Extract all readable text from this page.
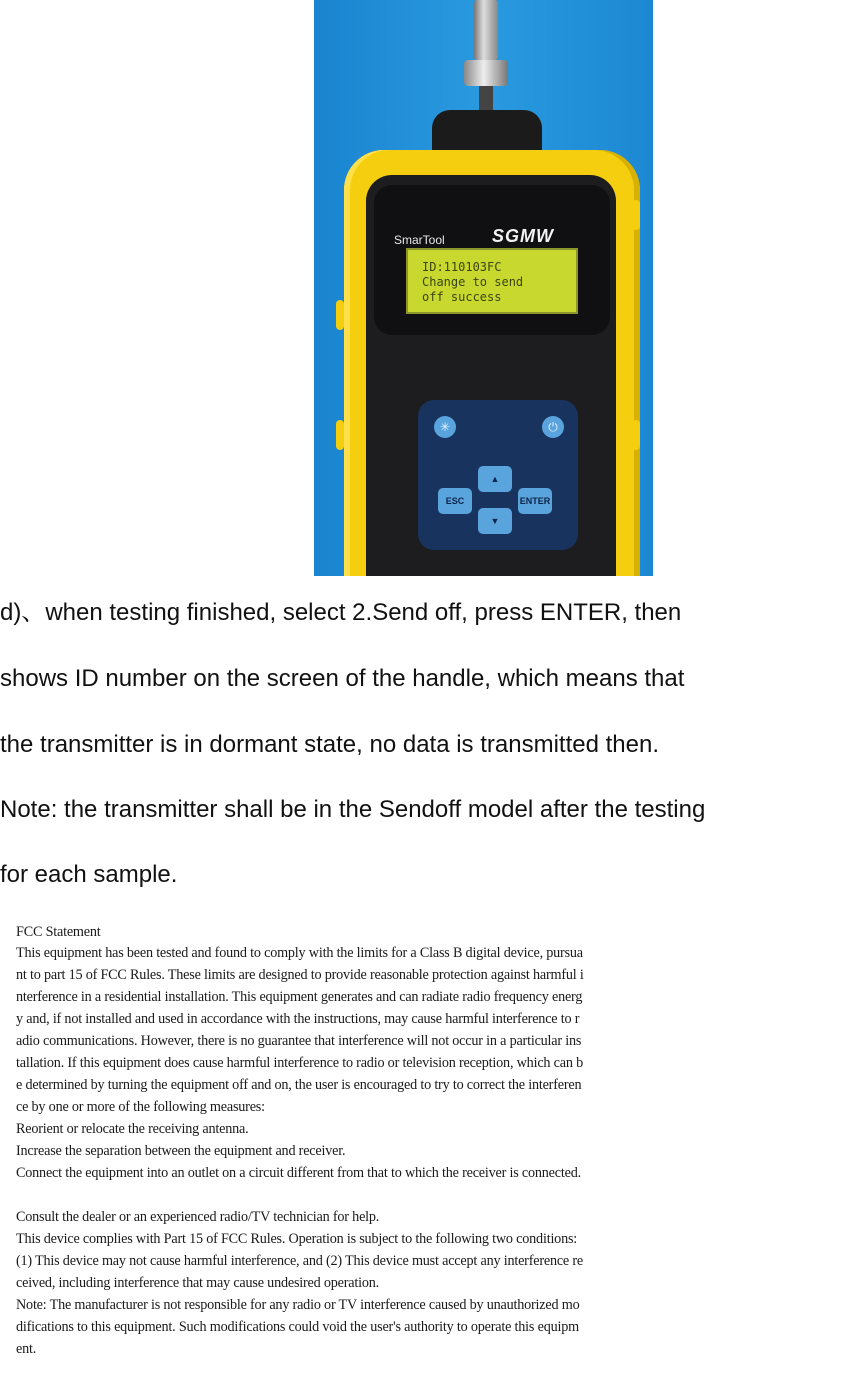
SmarTool	SGMW
ID:110103FC
Change to send
off success
✳	⏻
▲
ESC	ENTER
▼
d)、when testing finished, select 2.Send off, press ENTER, then
shows ID number on the screen of the handle, which means that
the transmitter is in dormant state, no data is transmitted then.
Note: the transmitter shall be in the Sendoff model after the testing
for each sample.
FCC Statement
This equipment has been tested and found to comply with the limits for a Class B digital device, pursua
nt to part 15 of FCC Rules. These limits are designed to provide reasonable protection against harmful i
nterference in a residential installation. This equipment generates and can radiate radio frequency energ
y and, if not installed and used in accordance with the instructions, may cause harmful interference to r
adio communications. However, there is no guarantee that interference will not occur in a particular ins
tallation. If this equipment does cause harmful interference to radio or television reception, which can b
e determined by turning the equipment off and on, the user is encouraged to try to correct the interferen
ce by one or more of the following measures:
Reorient or relocate the receiving antenna.
Increase the separation between the equipment and receiver.
Connect the equipment into an outlet on a circuit different from that to which the receiver is connected.
Consult the dealer or an experienced radio/TV technician for help.
This device complies with Part 15 of FCC Rules. Operation is subject to the following two conditions:
(1) This device may not cause harmful interference, and (2) This device must accept any interference re
ceived, including interference that may cause undesired operation.
Note: The manufacturer is not responsible for any radio or TV interference caused by unauthorized mo
difications to this equipment. Such modifications could void the user's authority to operate this equipm
ent.
